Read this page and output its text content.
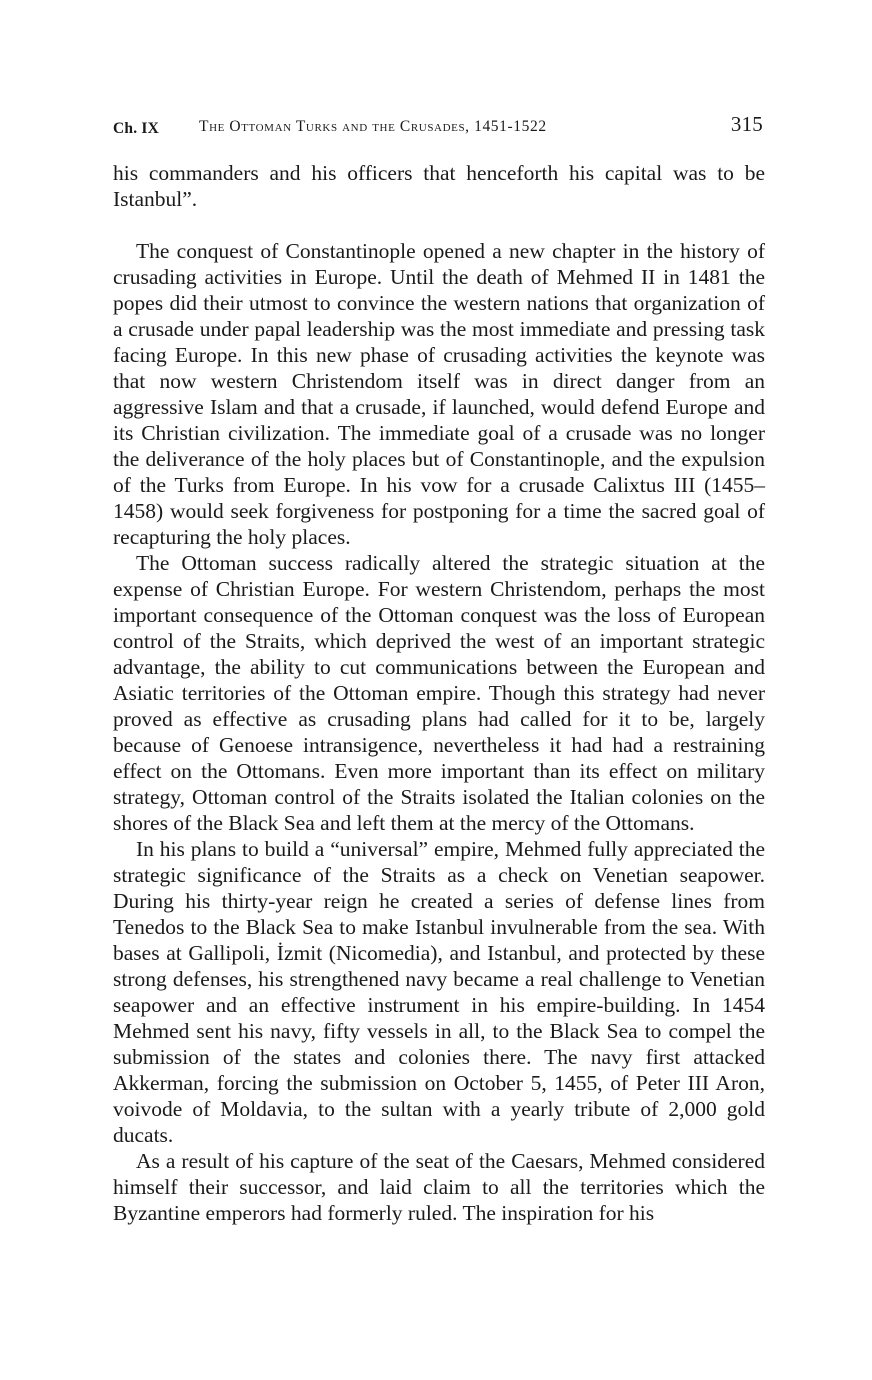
Ch. IX	The Ottoman Turks and the Crusades, 1451-1522	315

his commanders and his officers that henceforth his capital was to be Istanbul”.

The conquest of Constantinople opened a new chapter in the history of crusading activities in Europe. Until the death of Mehmed II in 1481 the popes did their utmost to convince the western nations that organization of a crusade under papal leadership was the most immediate and pressing task facing Europe. In this new phase of crusading activities the keynote was that now western Christendom itself was in direct danger from an aggressive Islam and that a crusade, if launched, would defend Europe and its Christian civilization. The immediate goal of a crusade was no longer the deliverance of the holy places but of Constantinople, and the expulsion of the Turks from Europe. In his vow for a crusade Calixtus III (1455–1458) would seek forgiveness for postponing for a time the sacred goal of recapturing the holy places.

The Ottoman success radically altered the strategic situation at the expense of Christian Europe. For western Christendom, perhaps the most important consequence of the Ottoman conquest was the loss of European control of the Straits, which deprived the west of an important strategic advantage, the ability to cut communications between the European and Asiatic territories of the Ottoman empire. Though this strategy had never proved as effective as crusading plans had called for it to be, largely because of Genoese intransigence, nevertheless it had had a restraining effect on the Ottomans. Even more important than its effect on military strategy, Ottoman control of the Straits isolated the Italian colonies on the shores of the Black Sea and left them at the mercy of the Ottomans.

In his plans to build a “universal” empire, Mehmed fully appreciated the strategic significance of the Straits as a check on Venetian seapower. During his thirty-year reign he created a series of defense lines from Tenedos to the Black Sea to make Istanbul invulnerable from the sea. With bases at Gallipoli, İzmit (Nicomedia), and Istanbul, and protected by these strong defenses, his strengthened navy became a real challenge to Venetian seapower and an effective instrument in his empire-building. In 1454 Mehmed sent his navy, fifty vessels in all, to the Black Sea to compel the submission of the states and colonies there. The navy first attacked Akkerman, forcing the submission on October 5, 1455, of Peter III Aron, voivode of Moldavia, to the sultan with a yearly tribute of 2,000 gold ducats.

As a result of his capture of the seat of the Caesars, Mehmed considered himself their successor, and laid claim to all the territories which the Byzantine emperors had formerly ruled. The inspiration for his
